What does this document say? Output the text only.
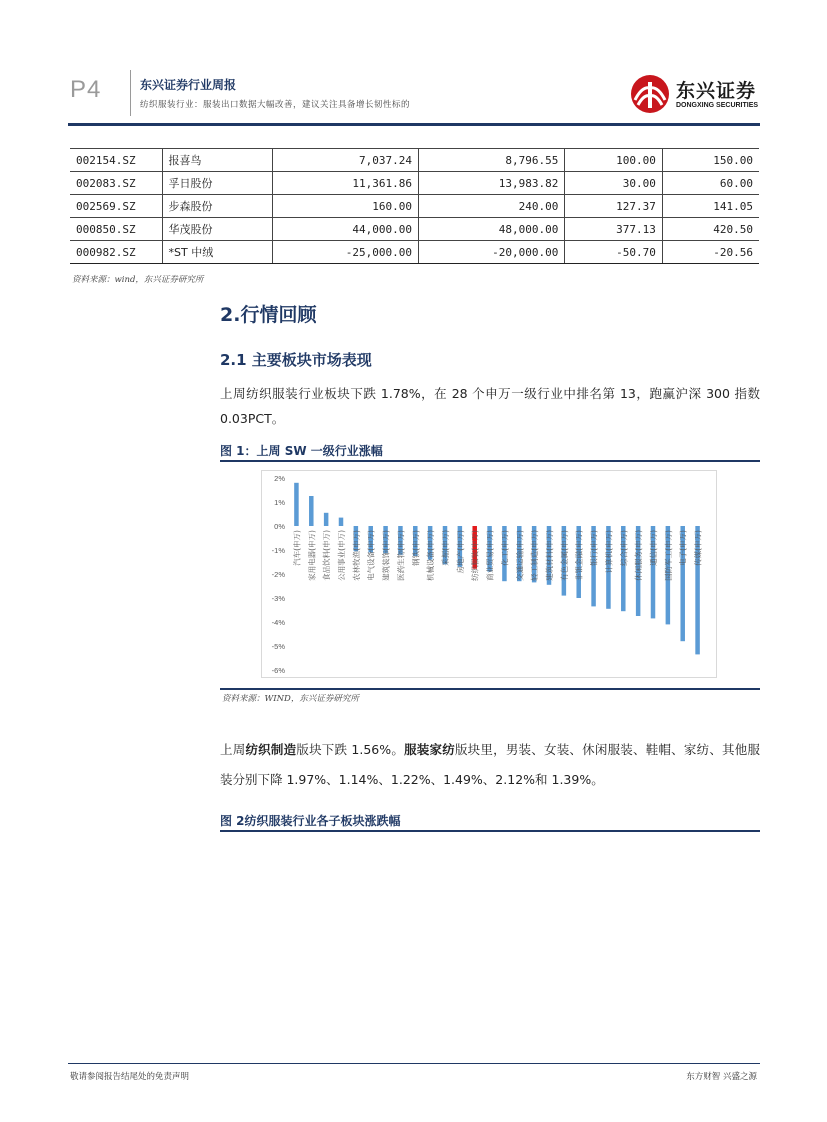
P4	东兴证券行业周报
纺织服装行业：服装出口数据大幅改善，建议关注具备增长韧性标的
东兴证券
DONGXING SECURITIES
002154.SZ	报喜鸟	7,037.24	8,796.55	100.00	150.00
002083.SZ	孚日股份	11,361.86	13,983.82	30.00	60.00
002569.SZ	步森股份	160.00	240.00	127.37	141.05
000850.SZ	华茂股份	44,000.00	48,000.00	377.13	420.50
000982.SZ	*ST 中绒	-25,000.00	-20,000.00	-50.70	-20.56
资料来源：wind，东兴证券研究所
2.行情回顾
2.1 主要板块市场表现
上周纺织服装行业板块下跌 1.78%，在 28 个申万一级行业中排名第 13，跑赢沪深 300 指数 0.03PCT。
图 1：上周 SW 一级行业涨幅
2%
1%
0%
-1%
-2%
-3%
-4%
-5%
-6%
汽车(申万) 家用电器(申万) 食品饮料(申万) 公用事业(申万) 农林牧渔(申万) 电气设备(申万) 建筑装饰(申万) 医药生物(申万) 钢铁(申万) 机械设备(申万) 采掘(申万) 房地产(申万) 纺织服装(申万) 商业贸易(申万) 化工(申万) 交通运输(申万) 轻工制造(申万) 建筑材料(申万) 有色金属(申万) 非银金融(申万) 银行(申万) 计算机(申万) 综合(申万) 休闲服务(申万) 通信(申万) 国防军工(申万) 电子(申万) 传媒(申万)
资料来源：WIND，东兴证券研究所
上周纺织制造版块下跌 1.56%。服装家纺版块里，男装、女装、休闲服装、鞋帽、家纺、其他服装分别下降 1.97%、1.14%、1.22%、1.49%、2.12%和 1.39%。
图 2纺织服装行业各子板块涨跌幅
敬请参阅报告结尾处的免责声明	东方财智 兴盛之源
